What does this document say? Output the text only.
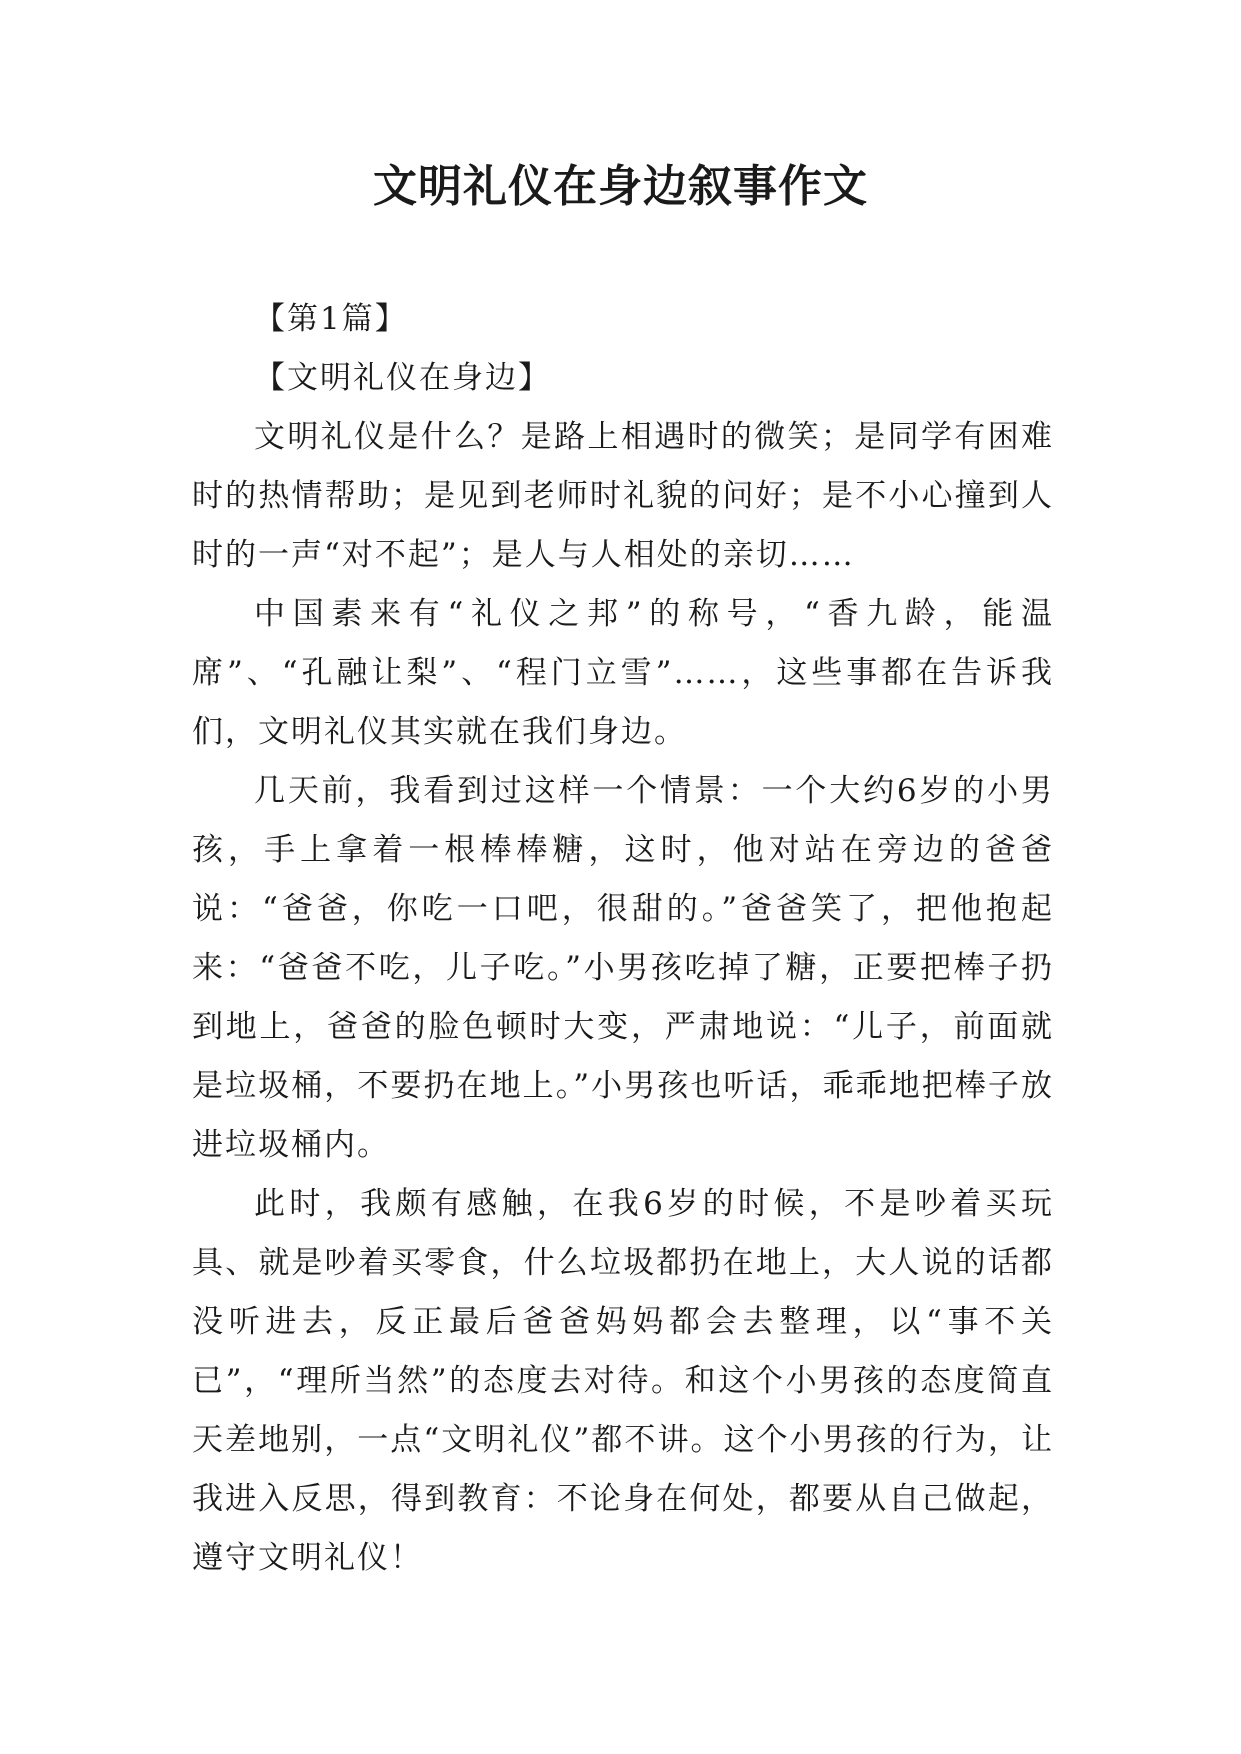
文明礼仪在身边叙事作文

【第1篇】

【文明礼仪在身边】

文明礼仪是什么？是路上相遇时的微笑；是同学有困难时的热情帮助；是见到老师时礼貌的问好；是不小心撞到人时的一声“对不起”；是人与人相处的亲切……

中国素来有“礼仪之邦”的称号，“香九龄，能温席”、“孔融让梨”、“程门立雪”……，这些事都在告诉我们，文明礼仪其实就在我们身边。

几天前，我看到过这样一个情景：一个大约6岁的小男孩，手上拿着一根棒棒糖，这时，他对站在旁边的爸爸说：“爸爸，你吃一口吧，很甜的。”爸爸笑了，把他抱起来：“爸爸不吃，儿子吃。”小男孩吃掉了糖，正要把棒子扔到地上，爸爸的脸色顿时大变，严肃地说：“儿子，前面就是垃圾桶，不要扔在地上。”小男孩也听话，乖乖地把棒子放进垃圾桶内。

此时，我颇有感触，在我6岁的时候，不是吵着买玩具、就是吵着买零食，什么垃圾都扔在地上，大人说的话都没听进去，反正最后爸爸妈妈都会去整理，以“事不关已”，“理所当然”的态度去对待。和这个小男孩的态度简直天差地别，一点“文明礼仪”都不讲。这个小男孩的行为，让我进入反思，得到教育：不论身在何处，都要从自己做起，遵守文明礼仪！
